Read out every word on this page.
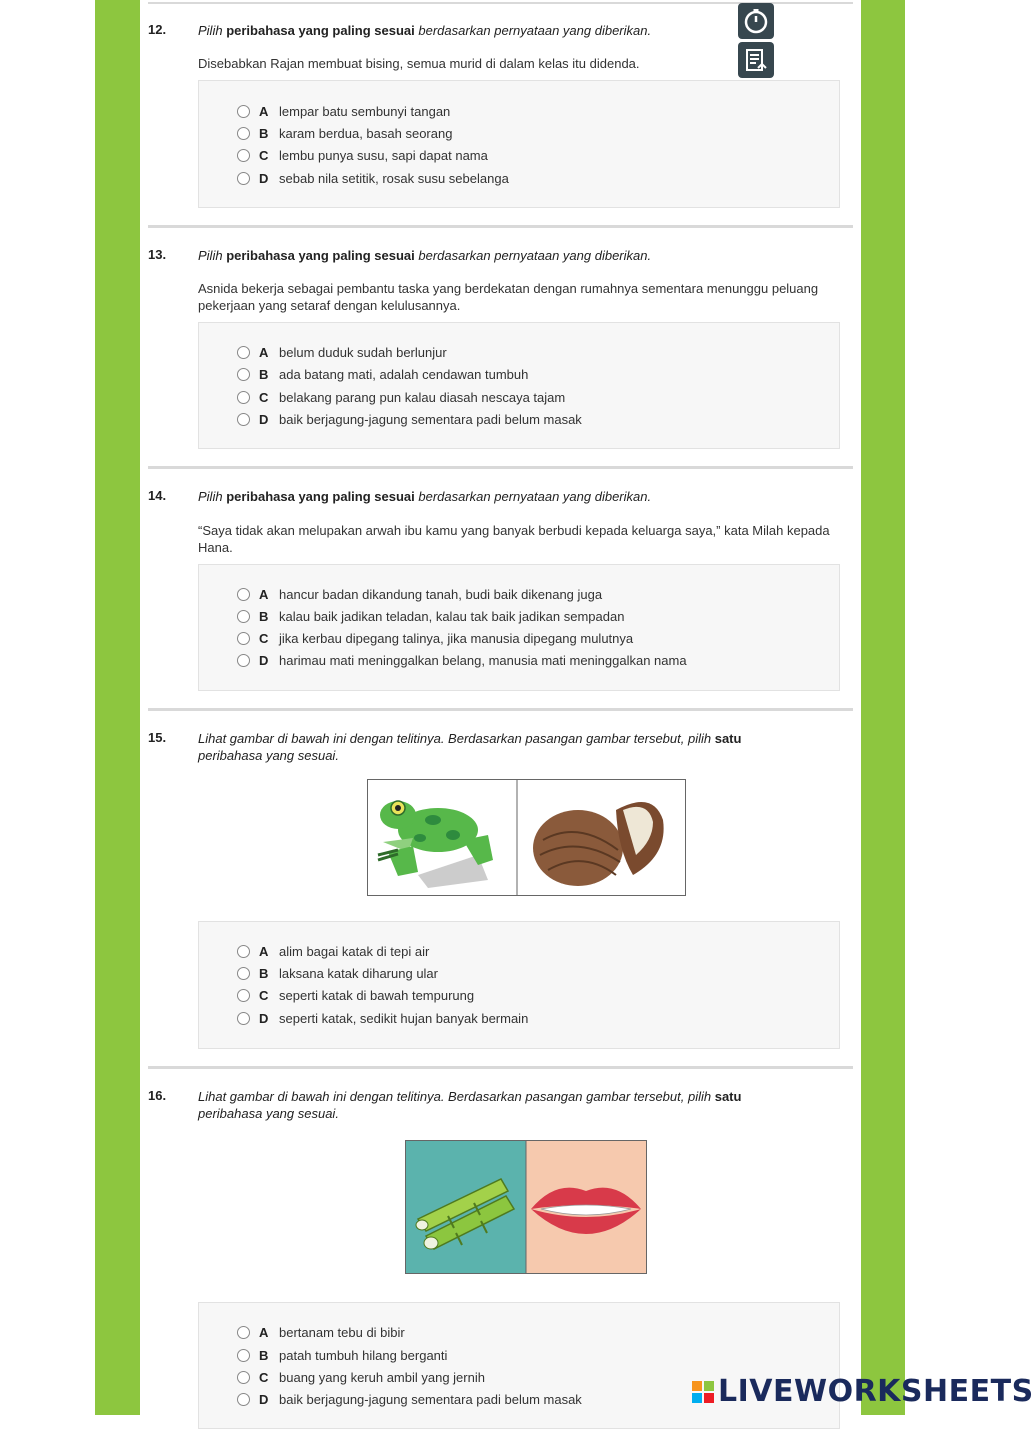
12. Pilih peribahasa yang paling sesuai berdasarkan pernyataan yang diberikan.
Disebabkan Rajan membuat bising, semua murid di dalam kelas itu didenda.
A lempar batu sembunyi tangan
B karam berdua, basah seorang
C lembu punya susu, sapi dapat nama
D sebab nila setitik, rosak susu sebelanga
13. Pilih peribahasa yang paling sesuai berdasarkan pernyataan yang diberikan.
Asnida bekerja sebagai pembantu taska yang berdekatan dengan rumahnya sementara menunggu peluang pekerjaan yang setaraf dengan kelulusannya.
A belum duduk sudah berlunjur
B ada batang mati, adalah cendawan tumbuh
C belakang parang pun kalau diasah nescaya tajam
D baik berjagung-jagung sementara padi belum masak
14. Pilih peribahasa yang paling sesuai berdasarkan pernyataan yang diberikan.
“Saya tidak akan melupakan arwah ibu kamu yang banyak berbudi kepada keluarga saya,” kata Milah kepada Hana.
A hancur badan dikandung tanah, budi baik dikenang juga
B kalau baik jadikan teladan, kalau tak baik jadikan sempadan
C jika kerbau dipegang talinya, jika manusia dipegang mulutnya
D harimau mati meninggalkan belang, manusia mati meninggalkan nama
15. Lihat gambar di bawah ini dengan telitinya. Berdasarkan pasangan gambar tersebut, pilih satu peribahasa yang sesuai.
A alim bagai katak di tepi air
B laksana katak diharung ular
C seperti katak di bawah tempurung
D seperti katak, sedikit hujan banyak bermain
16. Lihat gambar di bawah ini dengan telitinya. Berdasarkan pasangan gambar tersebut, pilih satu peribahasa yang sesuai.
A bertanam tebu di bibir
B patah tumbuh hilang berganti
C buang yang keruh ambil yang jernih
D baik berjagung-jagung sementara padi belum masak	LIVEWORKSHEETS
